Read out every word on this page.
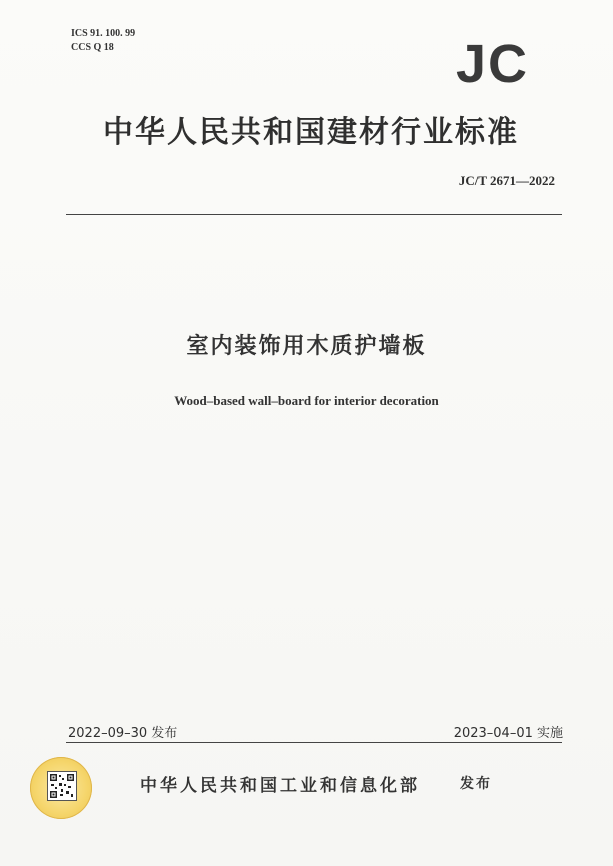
ICS 91. 100. 99
CCS Q 18	JC
中华人民共和国建材行业标准
JC/T 2671—2022
室内装饰用木质护墙板
Wood–based wall–board for interior decoration
2022–09–30 发布	2023–04–01 实施
中华人民共和国工业和信息化部	发布
